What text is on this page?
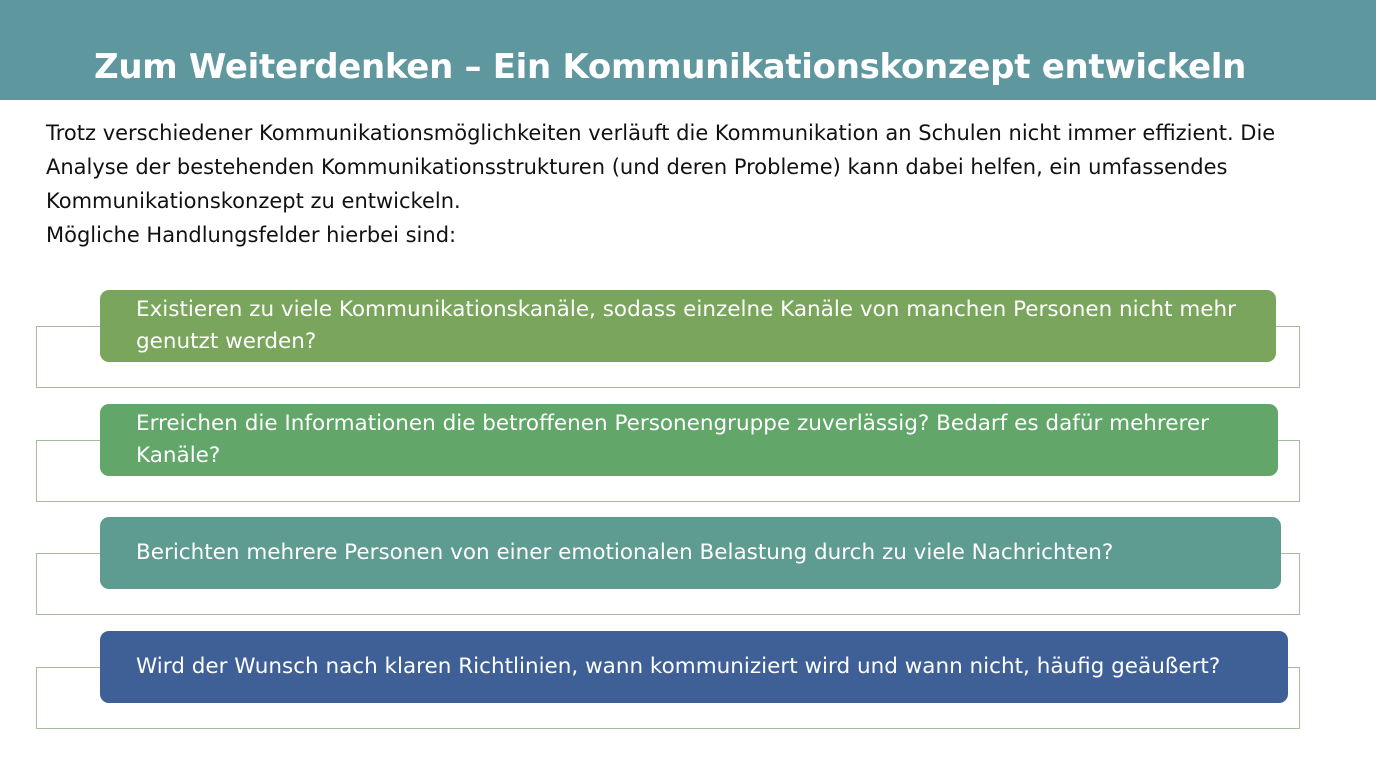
Zum Weiterdenken – Ein Kommunikationskonzept entwickeln

Trotz verschiedener Kommunikationsmöglichkeiten verläuft die Kommunikation an Schulen nicht immer effizient. Die Analyse der bestehenden Kommunikationsstrukturen (und deren Probleme) kann dabei helfen, ein umfassendes Kommunikationskonzept zu entwickeln.

Mögliche Handlungsfelder hierbei sind:

Existieren zu viele Kommunikationskanäle, sodass einzelne Kanäle von manchen Personen nicht mehr genutzt werden?
Erreichen die Informationen die betroffenen Personengruppe zuverlässig? Bedarf es dafür mehrerer Kanäle?
Berichten mehrere Personen von einer emotionalen Belastung durch zu viele Nachrichten?
Wird der Wunsch nach klaren Richtlinien, wann kommuniziert wird und wann nicht, häufig geäußert?
